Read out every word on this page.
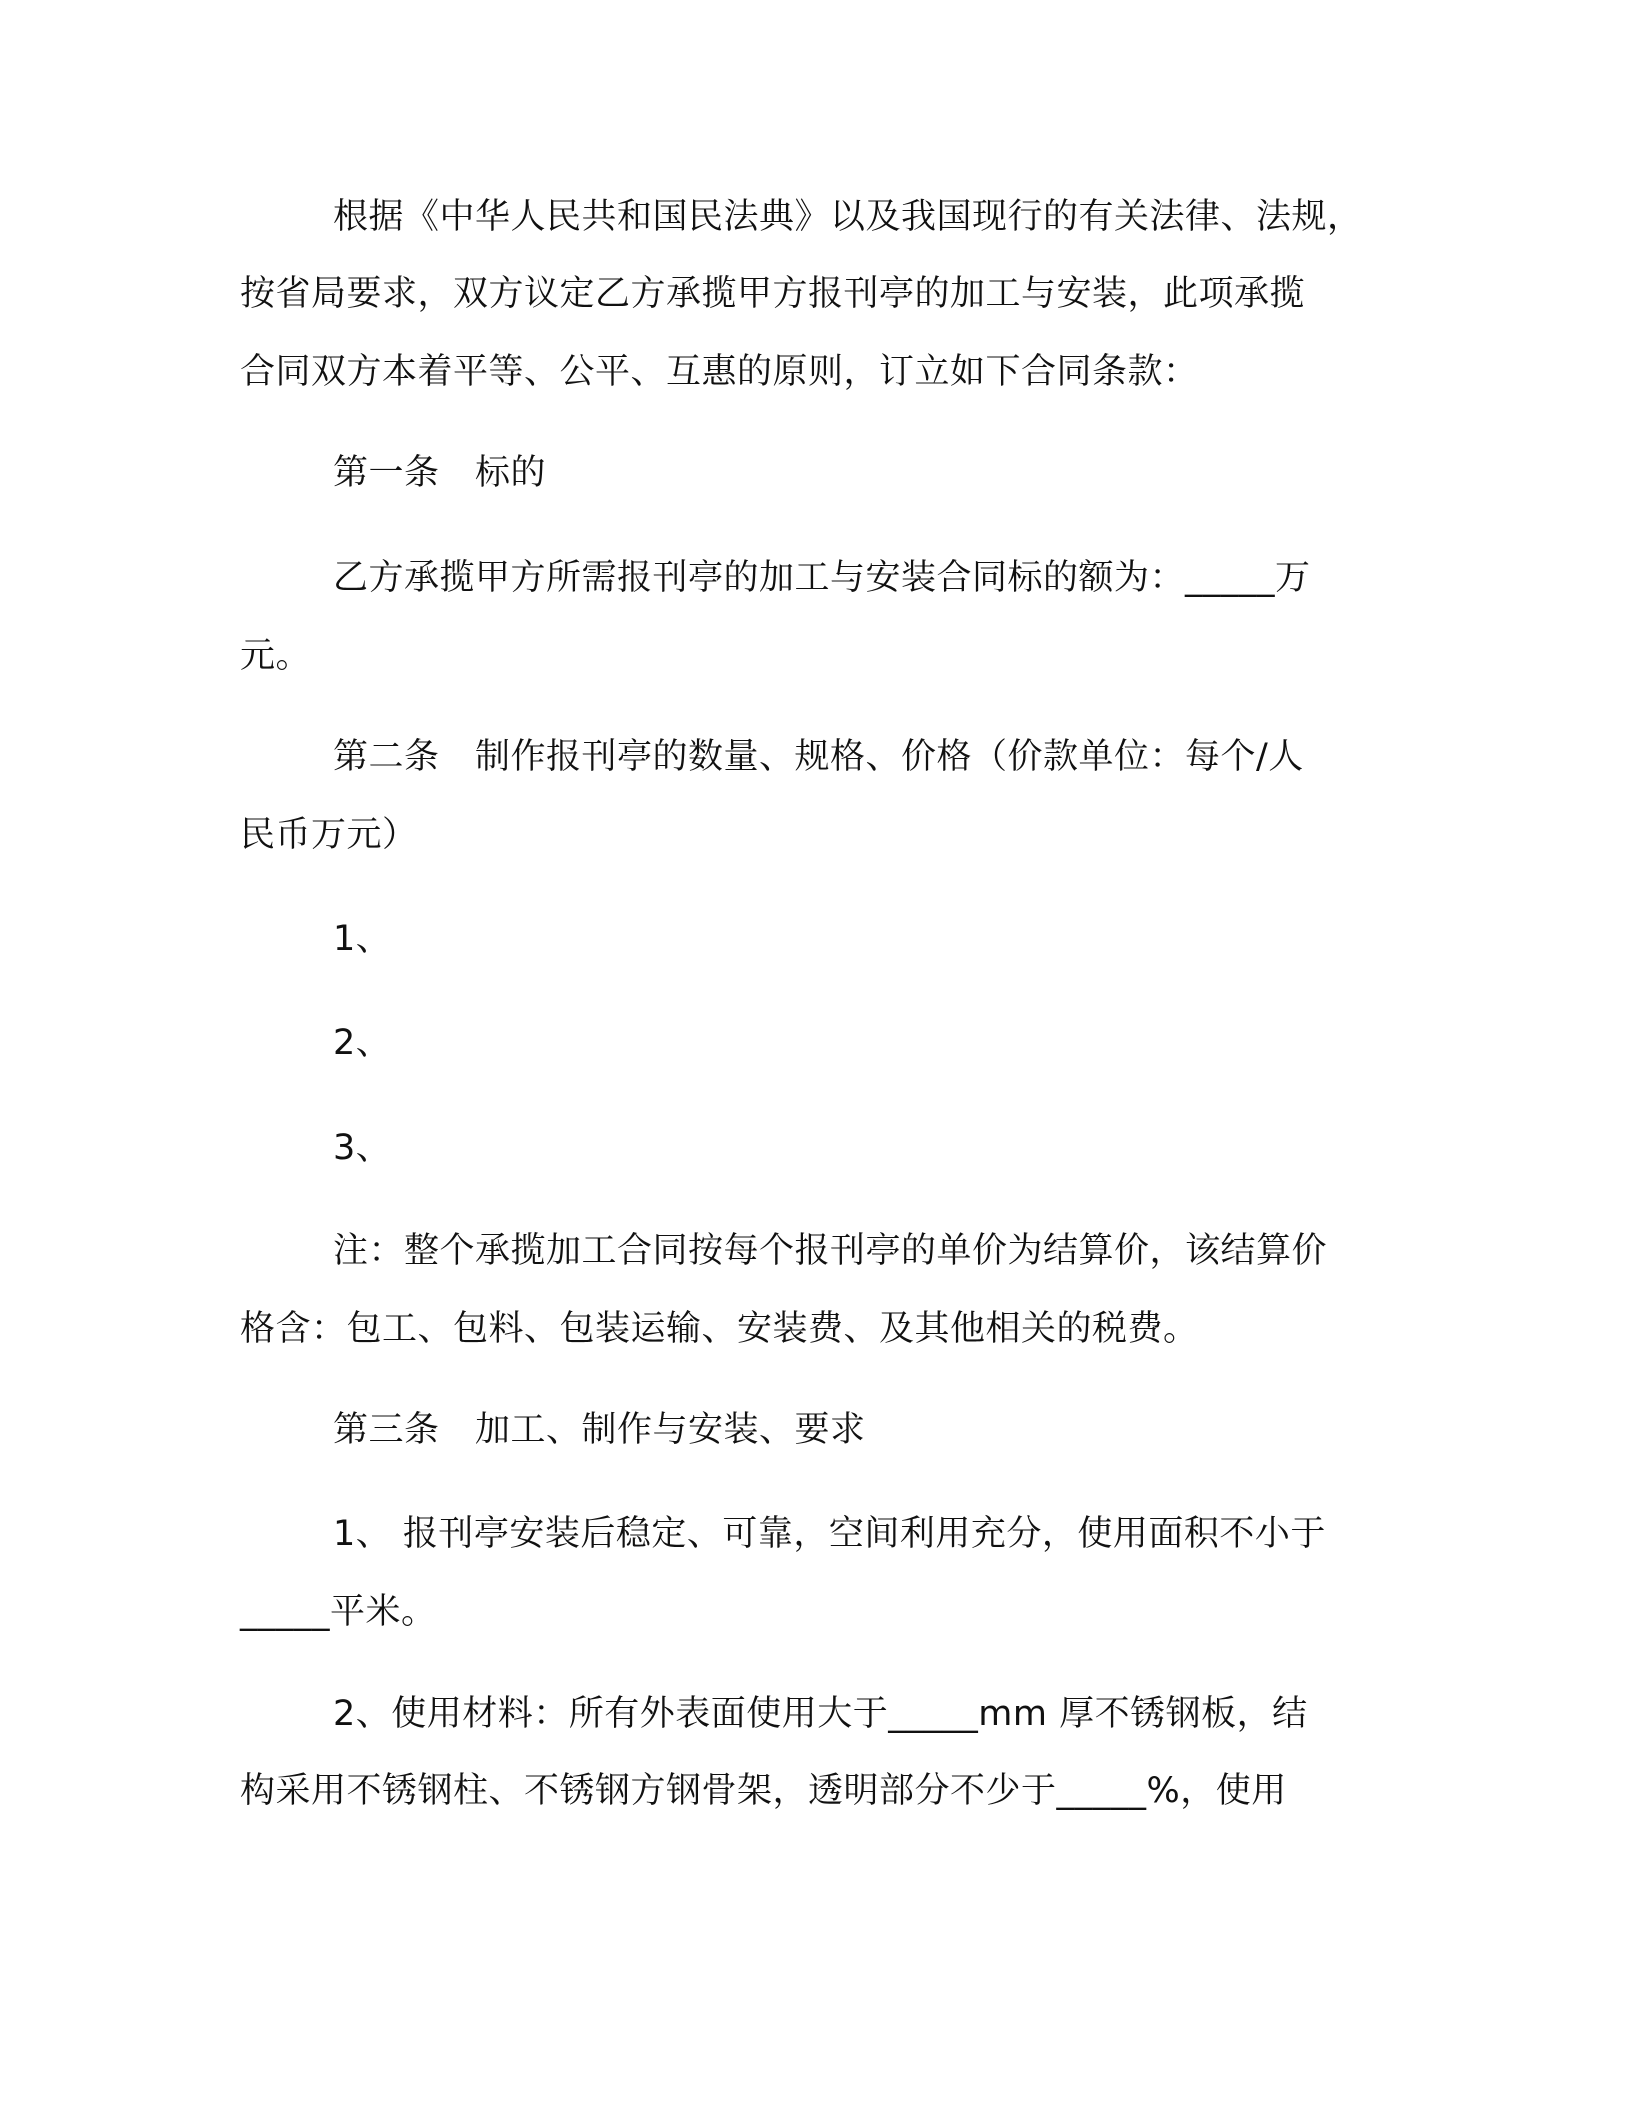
根据《中华人民共和国民法典》以及我国现行的有关法律、法规，
按省局要求，双方议定乙方承揽甲方报刊亭的加工与安装，此项承揽
合同双方本着平等、公平、互惠的原则，订立如下合同条款：
第一条　标的
乙方承揽甲方所需报刊亭的加工与安装合同标的额为：_____万
元。
第二条　制作报刊亭的数量、规格、价格（价款单位：每个/人
民币万元）
1、
2、
3、
注：整个承揽加工合同按每个报刊亭的单价为结算价，该结算价
格含：包工、包料、包装运输、安装费、及其他相关的税费。
第三条　加工、制作与安装、要求
1、 报刊亭安装后稳定、可靠，空间利用充分，使用面积不小于
_____平米。
2、使用材料：所有外表面使用大于_____mm 厚不锈钢板，结
构采用不锈钢柱、不锈钢方钢骨架，透明部分不少于_____%，使用
